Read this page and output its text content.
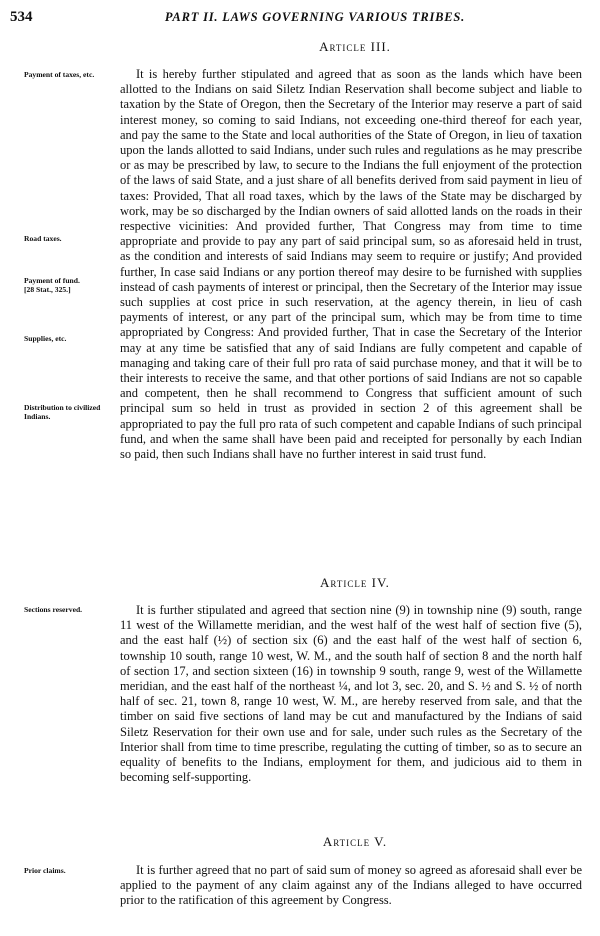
534	PART II. LAWS GOVERNING VARIOUS TRIBES.
Article III.

It is hereby further stipulated and agreed that as soon as the lands which have been allotted to the Indians on said Siletz Indian Reservation shall become subject and liable to taxation by the State of Oregon, then the Secretary of the Interior may reserve a part of said interest money, so coming to said Indians, not exceeding one-third thereof for each year, and pay the same to the State and local authorities of the State of Oregon, in lieu of taxation upon the lands allotted to said Indians, under such rules and regulations as he may prescribe or as may be prescribed by law, to secure to the Indians the full enjoyment of the protection of the laws of said State, and a just share of all benefits derived from said payment in lieu of taxes: Provided, That all road taxes, which by the laws of the State may be discharged by work, may be so discharged by the Indian owners of said allotted lands on the roads in their respective vicinities: And provided further, That Congress may from time to time appropriate and provide to pay any part of said principal sum, so as aforesaid held in trust, as the condition and interests of said Indians may seem to require or justify; And provided further, In case said Indians or any portion thereof may desire to be furnished with supplies instead of cash payments of interest or principal, then the Secretary of the Interior may issue such supplies at cost price in such reservation, at the agency therein, in lieu of cash payments of interest, or any part of the principal sum, which may be from time to time appropriated by Congress: And provided further, That in case the Secretary of the Interior may at any time be satisfied that any of said Indians are fully competent and capable of managing and taking care of their full pro rata of said purchase money, and that it will be to their interests to receive the same, and that other portions of said Indians are not so capable and competent, then he shall recommend to Congress that sufficient amount of such principal sum so held in trust as provided in section 2 of this agreement shall be appropriated to pay the full pro rata of such competent and capable Indians of such principal fund, and when the same shall have been paid and receipted for personally by each Indian so paid, then such Indians shall have no further interest in said trust fund.

Article IV.

It is further stipulated and agreed that section nine (9) in township nine (9) south, range 11 west of the Willamette meridian, and the west half of the west half of section five (5), and the east half (½) of section six (6) and the east half of the west half of section 6, township 10 south, range 10 west, W. M., and the south half of section 8 and the north half of section 17, and section sixteen (16) in township 9 south, range 9, west of the Willamette meridian, and the east half of the northeast ¼, and lot 3, sec. 20, and S. ½ and S. ½ of north half of sec. 21, town 8, range 10 west, W. M., are hereby reserved from sale, and that the timber on said five sections of land may be cut and manufactured by the Indians of said Siletz Reservation for their own use and for sale, under such rules as the Secretary of the Interior shall from time to time prescribe, regulating the cutting of timber, so as to secure an equality of benefits to the Indians, employment for them, and judicious aid to them in becoming self-supporting.

Article V.

It is further agreed that no part of said sum of money so agreed as aforesaid shall ever be applied to the payment of any claim against any of the Indians alleged to have occurred prior to the ratification of this agreement by Congress.

Payment of taxes, etc.
Road taxes.
Payment of fund.
[28 Stat., 325.]
Supplies, etc.
Distribution to civilized Indians.
Sections reserved.
Prior claims.
